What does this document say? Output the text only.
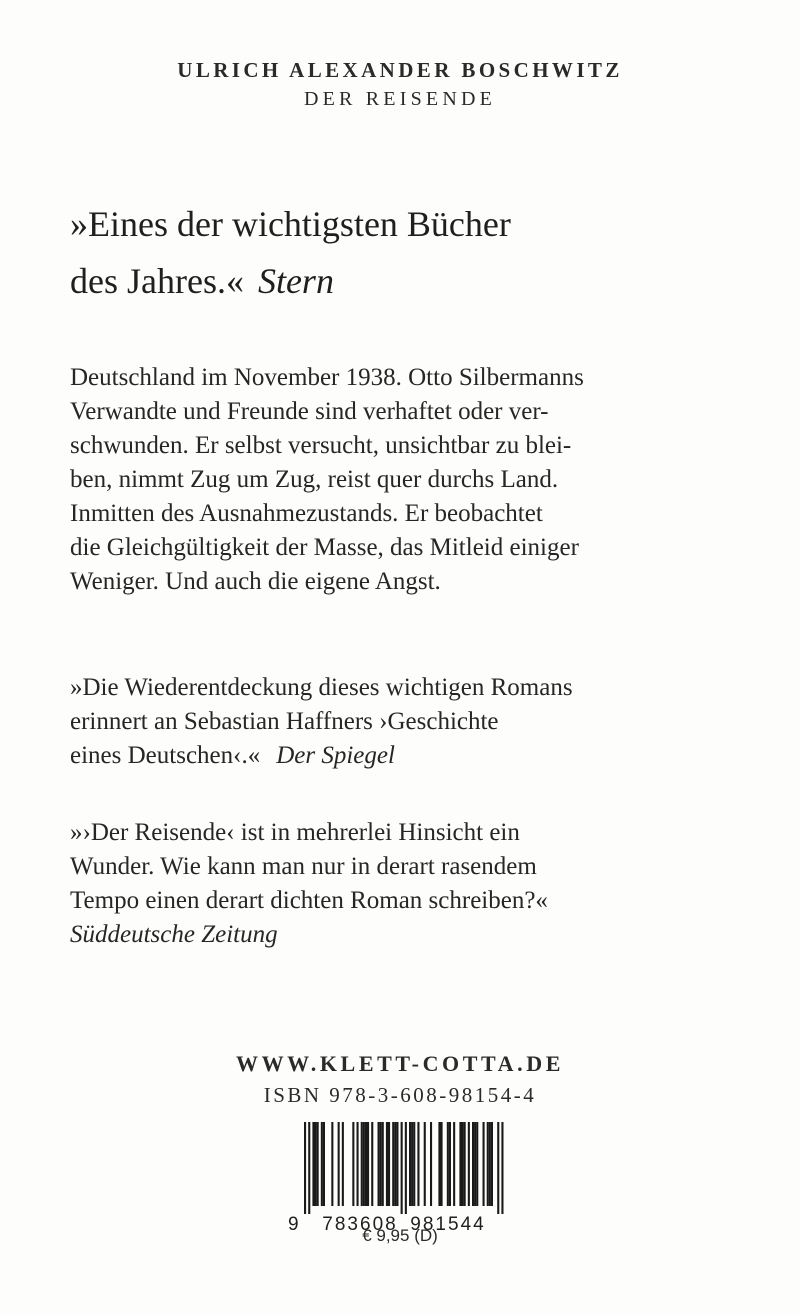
ULRICH ALEXANDER BOSCHWITZ
DER REISENDE
»Eines der wichtigsten Bücher
des Jahres.« Stern
Deutschland im November 1938. Otto Silbermanns
Verwandte und Freunde sind verhaftet oder ver-
schwunden. Er selbst versucht, unsichtbar zu blei-
ben, nimmt Zug um Zug, reist quer durchs Land.
Inmitten des Ausnahmezustands. Er beobachtet
die Gleichgültigkeit der Masse, das Mitleid einiger
Weniger. Und auch die eigene Angst.
»Die Wiederentdeckung dieses wichtigen Romans
erinnert an Sebastian Haffners ›Geschichte
eines Deutschen‹.« Der Spiegel
»›Der Reisende‹ ist in mehrerlei Hinsicht ein
Wunder. Wie kann man nur in derart rasendem
Tempo einen derart dichten Roman schreiben?«
Süddeutsche Zeitung
WWW.KLETT-COTTA.DE
ISBN 978-3-608-98154-4
9 783608 981544
€ 9,95 (D)
